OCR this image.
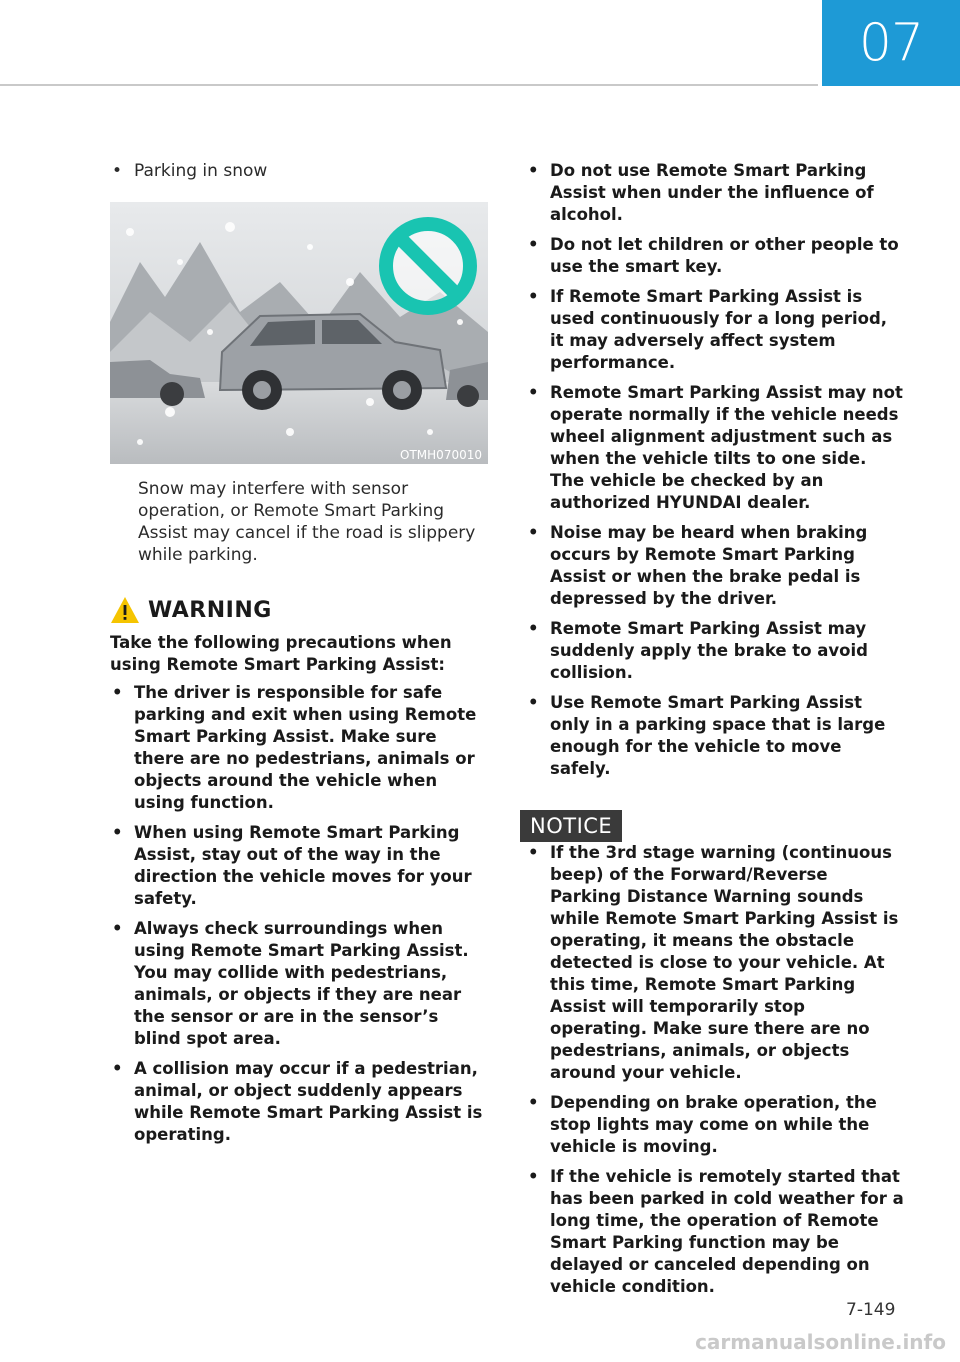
07
• Parking in snow
OTMH070010
Snow may interfere with sensor operation, or Remote Smart Parking Assist may cancel if the road is slippery while parking.
WARNING
Take the following precautions when using Remote Smart Parking Assist:
• The driver is responsible for safe parking and exit when using Remote Smart Parking Assist. Make sure there are no pedestrians, animals or objects around the vehicle when using function.
• When using Remote Smart Parking Assist, stay out of the way in the direction the vehicle moves for your safety.
• Always check surroundings when using Remote Smart Parking Assist. You may collide with pedestrians, animals, or objects if they are near the sensor or are in the sensor’s blind spot area.
• A collision may occur if a pedestrian, animal, or object suddenly appears while Remote Smart Parking Assist is operating.
• Do not use Remote Smart Parking Assist when under the influence of alcohol.
• Do not let children or other people to use the smart key.
• If Remote Smart Parking Assist is used continuously for a long period, it may adversely affect system performance.
• Remote Smart Parking Assist may not operate normally if the vehicle needs wheel alignment adjustment such as when the vehicle tilts to one side. The vehicle be checked by an authorized HYUNDAI dealer.
• Noise may be heard when braking occurs by Remote Smart Parking Assist or when the brake pedal is depressed by the driver.
• Remote Smart Parking Assist may suddenly apply the brake to avoid collision.
• Use Remote Smart Parking Assist only in a parking space that is large enough for the vehicle to move safely.
NOTICE
• If the 3rd stage warning (continuous beep) of the Forward/Reverse Parking Distance Warning sounds while Remote Smart Parking Assist is operating, it means the obstacle detected is close to your vehicle. At this time, Remote Smart Parking Assist will temporarily stop operating. Make sure there are no pedestrians, animals, or objects around your vehicle.
• Depending on brake operation, the stop lights may come on while the vehicle is moving.
• If the vehicle is remotely started that has been parked in cold weather for a long time, the operation of Remote Smart Parking function may be delayed or canceled depending on vehicle condition.
7-149
carmanualsonline.info
